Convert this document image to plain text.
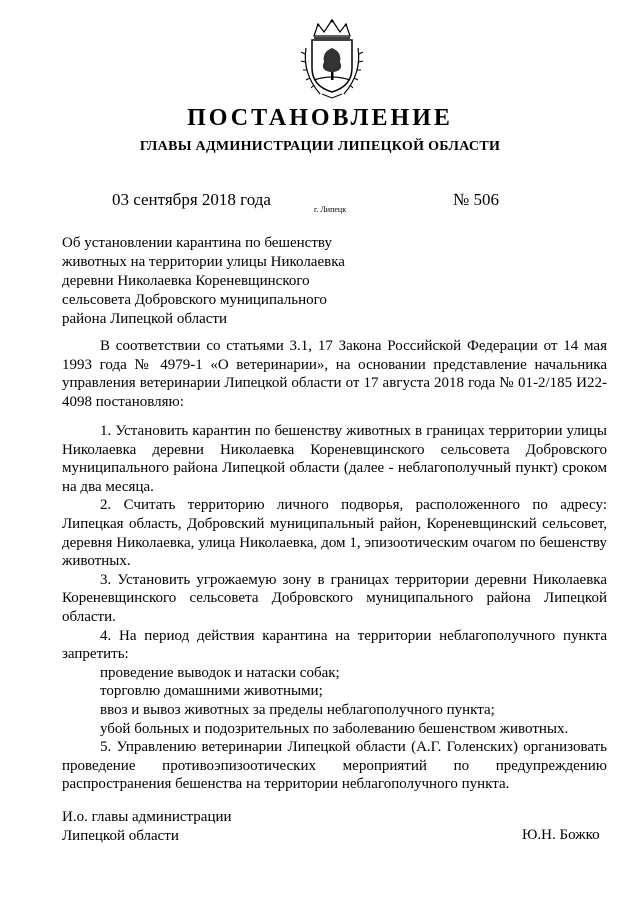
ПОСТАНОВЛЕНИЕ
ГЛАВЫ АДМИНИСТРАЦИИ ЛИПЕЦКОЙ ОБЛАСТИ
03 сентября 2018 года
г. Липецк
№ 506
Об установлении карантина по бешенству
животных на территории улицы Николаевка
деревни Николаевка Кореневщинского
сельсовета Добровского муниципального
района Липецкой области

В соответствии со статьями 3.1, 17 Закона Российской Федерации от 14 мая 1993 года № 4979-1 «О ветеринарии», на основании представление начальника управления ветеринарии Липецкой области от 17 августа 2018 года № 01-2/185 И22-4098 постановляю:

1. Установить карантин по бешенству животных в границах территории улицы Николаевка деревни Николаевка Кореневщинского сельсовета Добровского муниципального района Липецкой области (далее - неблагополучный пункт) сроком на два месяца.

2. Считать территорию личного подворья, расположенного по адресу: Липецкая область, Добровский муниципальный район, Кореневщинский сельсовет, деревня Николаевка, улица Николаевка, дом 1, эпизоотическим очагом по бешенству животных.

3. Установить угрожаемую зону в границах территории деревни Николаевка Кореневщинского сельсовета Добровского муниципального района Липецкой области.

4. На период действия карантина на территории неблагополучного пункта запретить:

проведение выводок и натаски собак;
торговлю домашними животными;
ввоз и вывоз животных за пределы неблагополучного пункта;
убой больных и подозрительных по заболеванию бешенством животных.

5. Управлению ветеринарии Липецкой области (А.Г. Голенских) организовать проведение противоэпизоотических мероприятий по предупреждению распространения бешенства на территории неблагополучного пункта.

И.о. главы администрации
Липецкой области	Ю.Н. Божко
